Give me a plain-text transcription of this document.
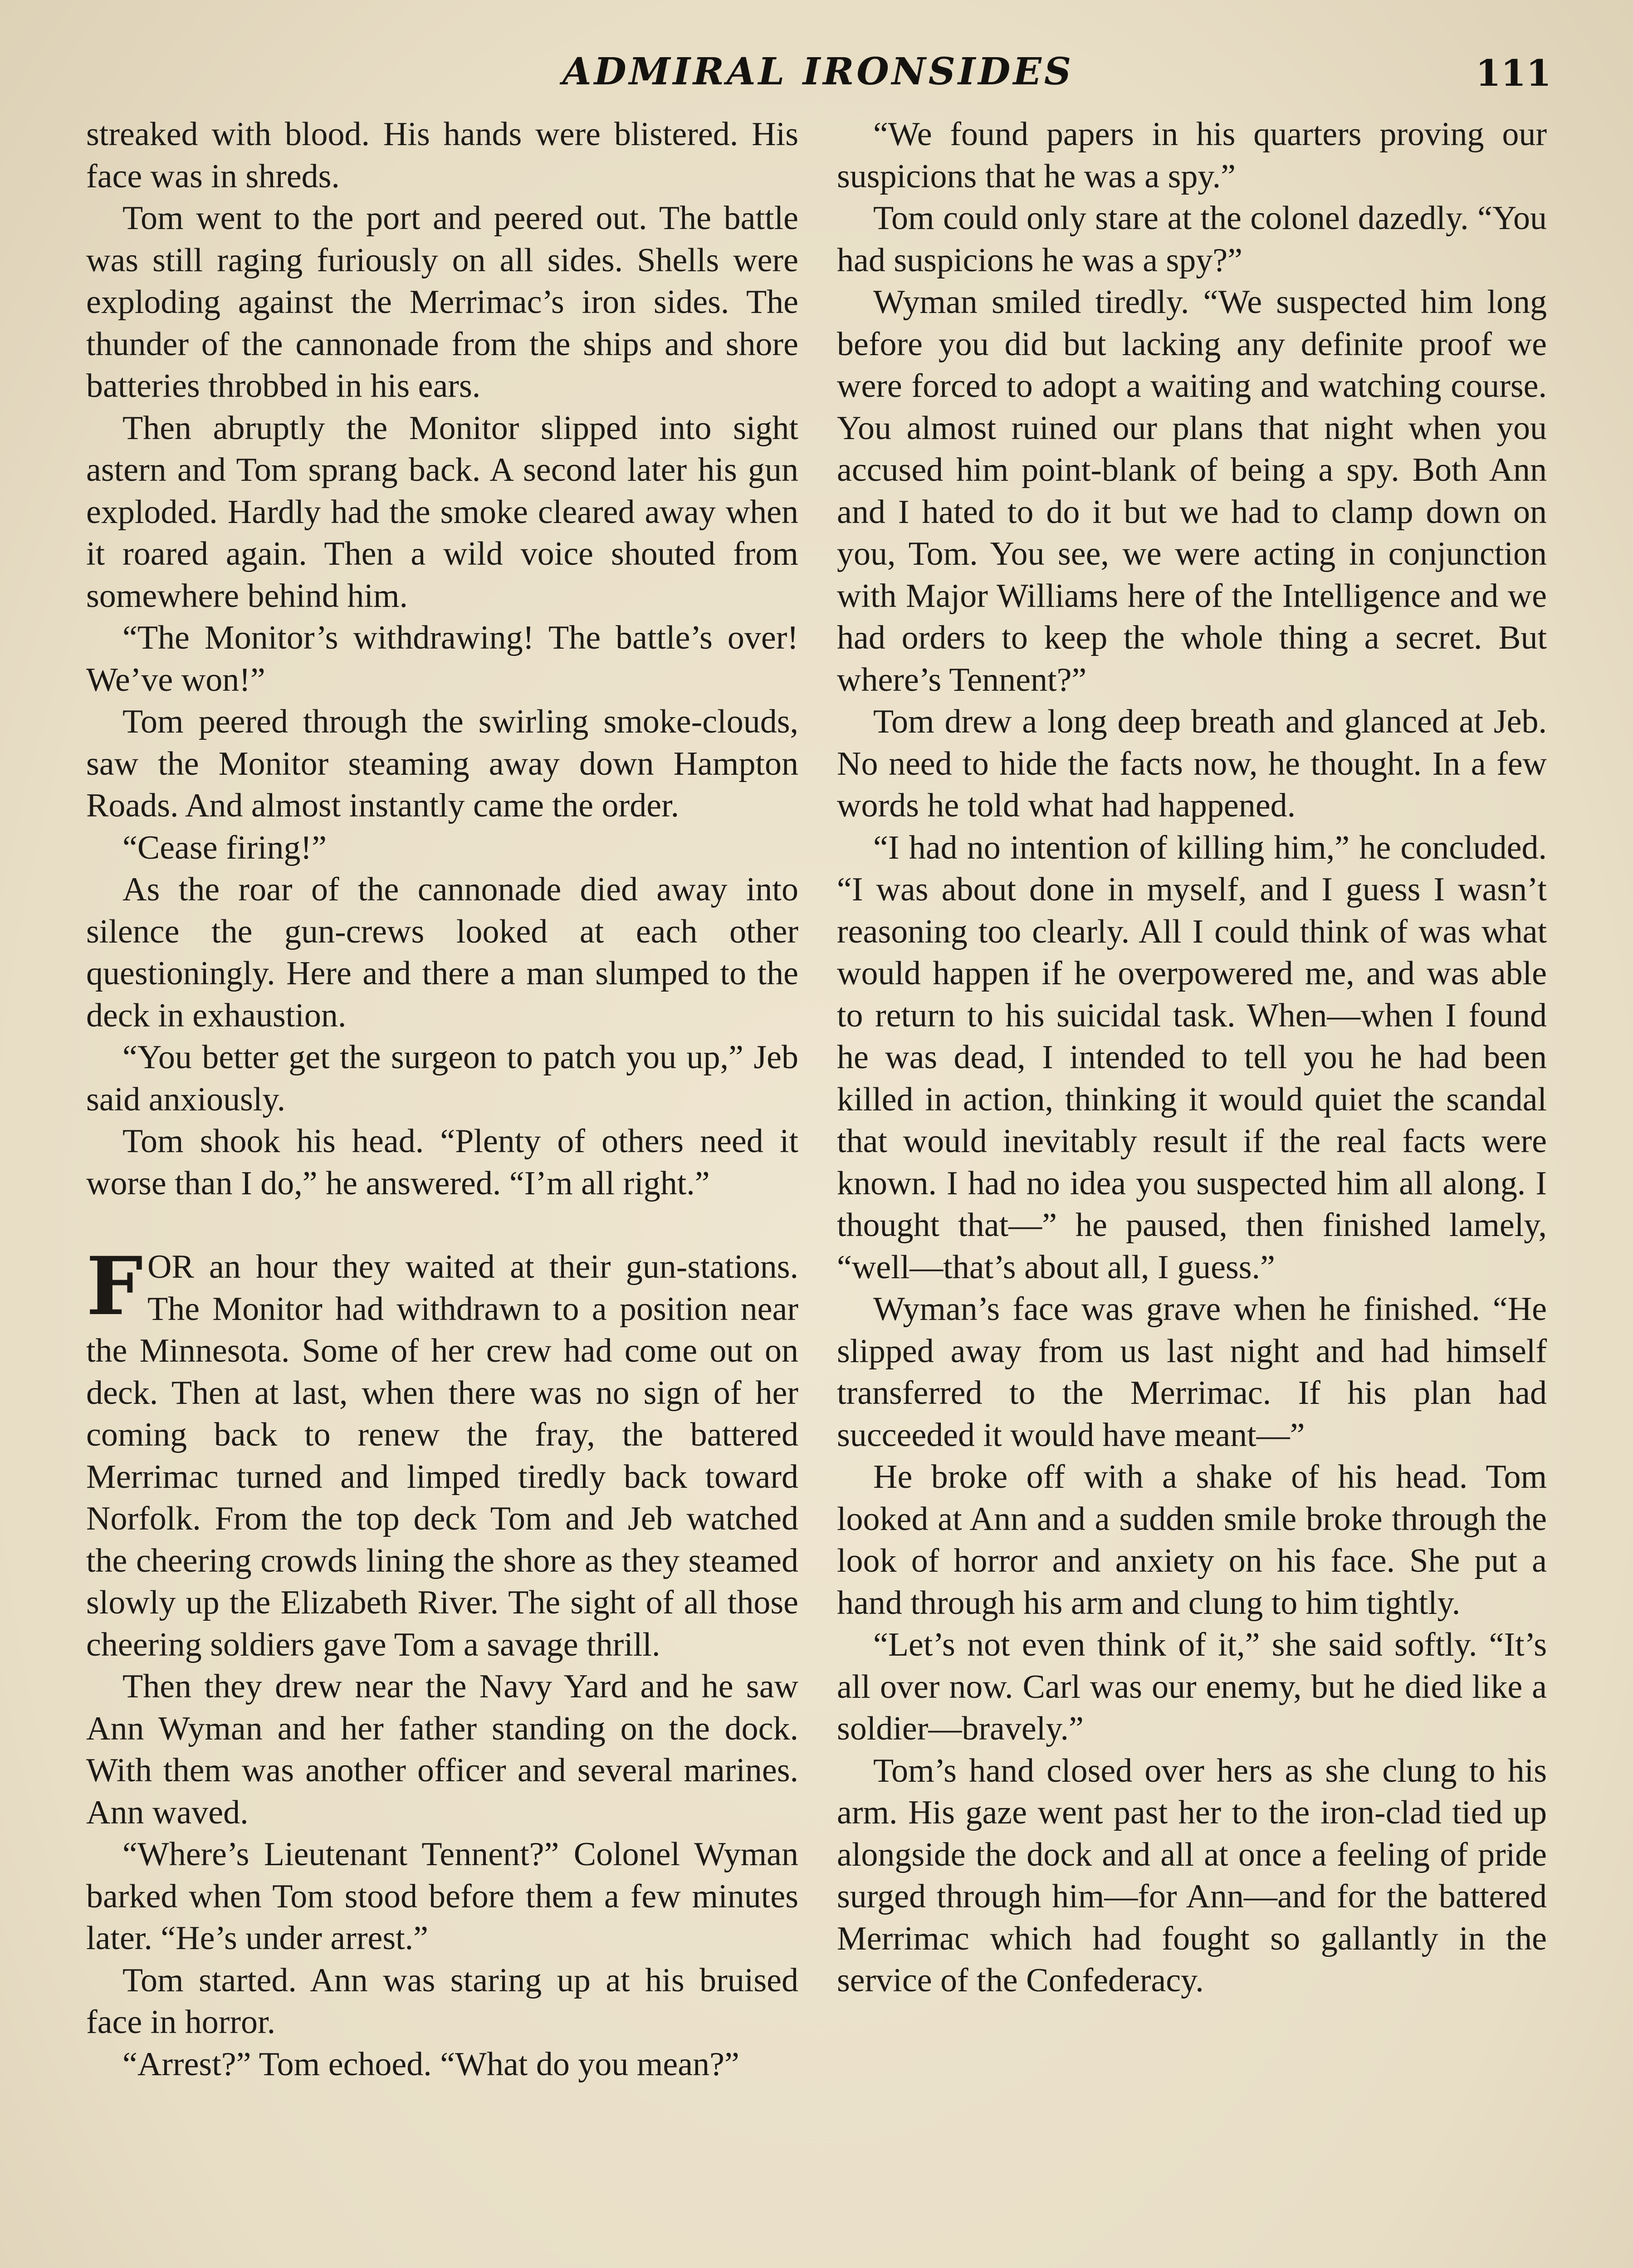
ADMIRAL IRONSIDES	111

streaked with blood. His hands were blistered. His face was in shreds.

Tom went to the port and peered out. The battle was still raging furiously on all sides. Shells were exploding against the Merrimac’s iron sides. The thunder of the cannonade from the ships and shore batteries throbbed in his ears.

Then abruptly the Monitor slipped into sight astern and Tom sprang back. A second later his gun exploded. Hardly had the smoke cleared away when it roared again. Then a wild voice shouted from somewhere behind him.

“The Monitor’s withdrawing! The battle’s over! We’ve won!”

Tom peered through the swirling smoke-clouds, saw the Monitor steaming away down Hampton Roads. And almost instantly came the order.

“Cease firing!”

As the roar of the cannonade died away into silence the gun-crews looked at each other questioningly. Here and there a man slumped to the deck in exhaustion.

“You better get the surgeon to patch you up,” Jeb said anxiously.

Tom shook his head. “Plenty of others need it worse than I do,” he answered. “I’m all right.”

FOR an hour they waited at their gun-stations. The Monitor had withdrawn to a position near the Minnesota. Some of her crew had come out on deck. Then at last, when there was no sign of her coming back to renew the fray, the battered Merrimac turned and limped tiredly back toward Norfolk. From the top deck Tom and Jeb watched the cheering crowds lining the shore as they steamed slowly up the Elizabeth River. The sight of all those cheering soldiers gave Tom a savage thrill.

Then they drew near the Navy Yard and he saw Ann Wyman and her father standing on the dock. With them was another officer and several marines. Ann waved.

“Where’s Lieutenant Tennent?” Colonel Wyman barked when Tom stood before them a few minutes later. “He’s under arrest.”

Tom started. Ann was staring up at his bruised face in horror.

“Arrest?” Tom echoed. “What do you mean?”

“We found papers in his quarters proving our suspicions that he was a spy.”

Tom could only stare at the colonel dazedly. “You had suspicions he was a spy?”

Wyman smiled tiredly. “We suspected him long before you did but lacking any definite proof we were forced to adopt a waiting and watching course. You almost ruined our plans that night when you accused him point-blank of being a spy. Both Ann and I hated to do it but we had to clamp down on you, Tom. You see, we were acting in conjunction with Major Williams here of the Intelligence and we had orders to keep the whole thing a secret. But where’s Tennent?”

Tom drew a long deep breath and glanced at Jeb. No need to hide the facts now, he thought. In a few words he told what had happened.

“I had no intention of killing him,” he concluded. “I was about done in myself, and I guess I wasn’t reasoning too clearly. All I could think of was what would happen if he overpowered me, and was able to return to his suicidal task. When—when I found he was dead, I intended to tell you he had been killed in action, thinking it would quiet the scandal that would inevitably result if the real facts were known. I had no idea you suspected him all along. I thought that—” he paused, then finished lamely, “well—that’s about all, I guess.”

Wyman’s face was grave when he finished. “He slipped away from us last night and had himself transferred to the Merrimac. If his plan had succeeded it would have meant—”

He broke off with a shake of his head. Tom looked at Ann and a sudden smile broke through the look of horror and anxiety on his face. She put a hand through his arm and clung to him tightly.

“Let’s not even think of it,” she said softly. “It’s all over now. Carl was our enemy, but he died like a soldier—bravely.”

Tom’s hand closed over hers as she clung to his arm. His gaze went past her to the iron-clad tied up alongside the dock and all at once a feeling of pride surged through him—for Ann—and for the battered Merrimac which had fought so gallantly in the service of the Confederacy.
